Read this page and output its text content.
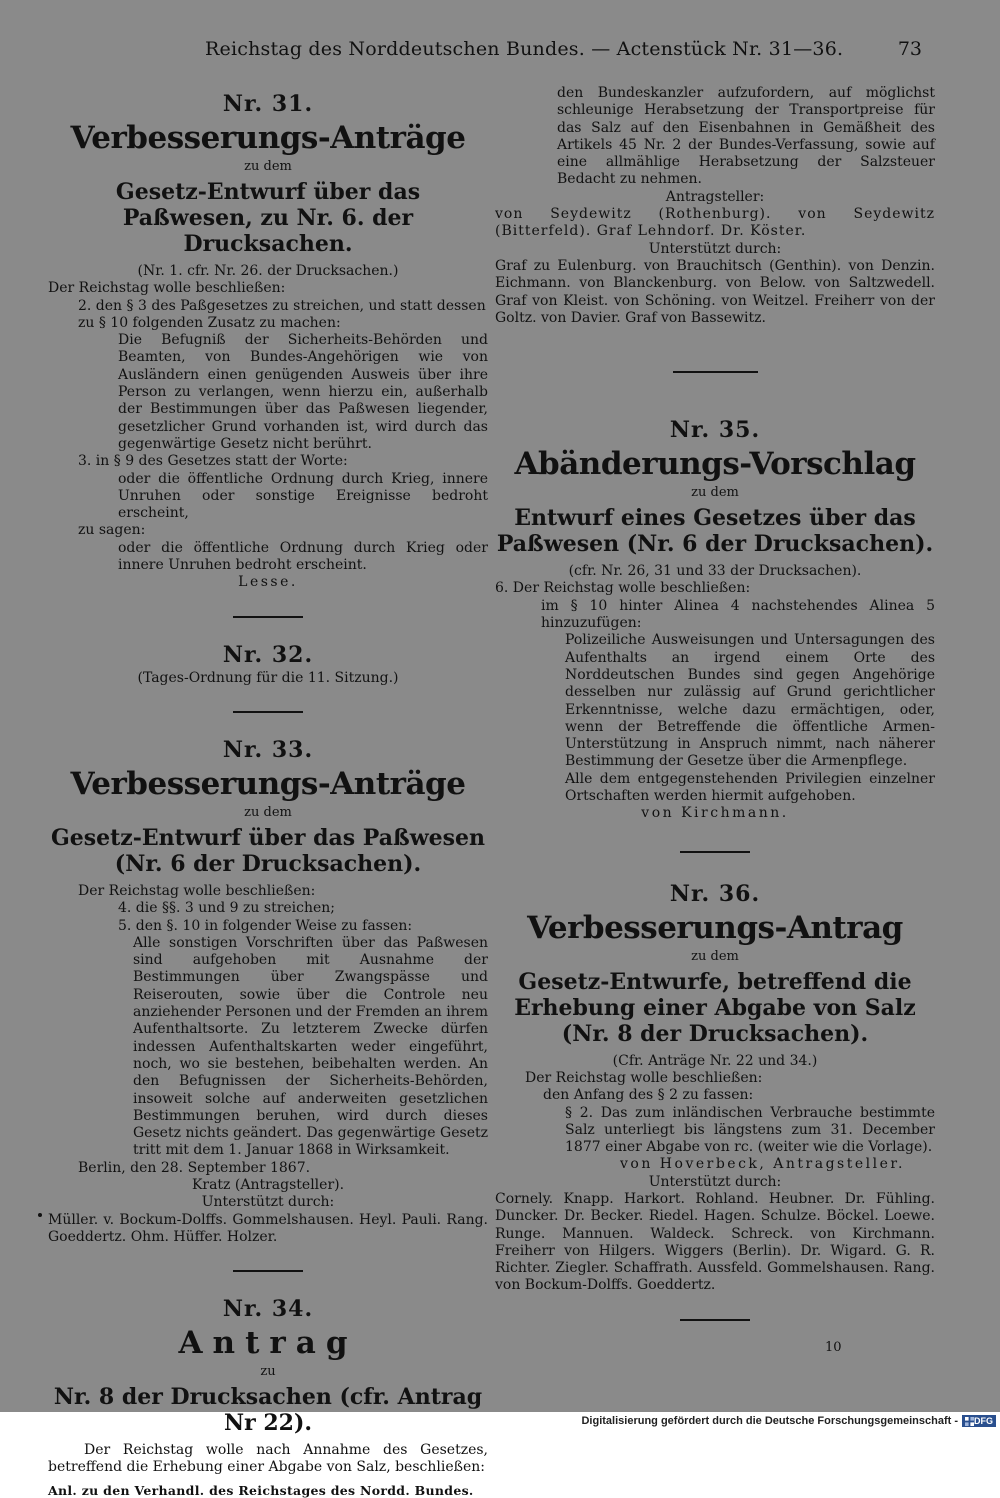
Reichstag des Norddeutschen Bundes. — Actenstück Nr. 31—36.	73
Nr. 31.
Verbesserungs-Anträge
zu dem
Gesetz-Entwurf über das Paßwesen, zu Nr. 6. der Drucksachen.

(Nr. 1. cfr. Nr. 26. der Drucksachen.)

Der Reichstag wolle beschließen:

2. den § 3 des Paßgesetzes zu streichen, und statt dessen

zu § 10 folgenden Zusatz zu machen:

Die Befugniß der Sicherheits-Behörden und Beamten, von Bundes-Angehörigen wie von Ausländern einen genügenden Ausweis über ihre Person zu verlangen, wenn hierzu ein, außerhalb der Bestimmungen über das Paßwesen liegender, gesetzlicher Grund vorhanden ist, wird durch das gegenwärtige Gesetz nicht berührt.

3. in § 9 des Gesetzes statt der Worte:

oder die öffentliche Ordnung durch Krieg, innere Unruhen oder sonstige Ereignisse bedroht erscheint,

zu sagen:

oder die öffentliche Ordnung durch Krieg oder innere Unruhen bedroht erscheint.

Lesse.

Nr. 32.
(Tages-Ordnung für die 11. Sitzung.)
Nr. 33.
Verbesserungs-Anträge
zu dem
Gesetz-Entwurf über das Paßwesen (Nr. 6 der Drucksachen).

Der Reichstag wolle beschließen:

4. die §§. 3 und 9 zu streichen;

5. den §. 10 in folgender Weise zu fassen:

Alle sonstigen Vorschriften über das Paßwesen sind aufgehoben mit Ausnahme der Bestimmungen über Zwangspässe und Reiserouten, sowie über die Controle neu anziehender Personen und der Fremden an ihrem Aufenthaltsorte. Zu letzterem Zwecke dürfen indessen Aufenthaltskarten weder eingeführt, noch, wo sie bestehen, beibehalten werden. An den Befugnissen der Sicherheits-Behörden, insoweit solche auf anderweiten gesetzlichen Bestimmungen beruhen, wird durch dieses Gesetz nichts geändert. Das gegenwärtige Gesetz tritt mit dem 1. Januar 1868 in Wirksamkeit.

Berlin, den 28. September 1867.

Kratz (Antragsteller).

Unterstützt durch:

Müller. v. Bockum-Dolffs. Gommelshausen. Heyl. Pauli. Rang. Goeddertz. Ohm. Hüffer. Holzer.

Nr. 34.
Antrag
zu
Nr. 8 der Drucksachen (cfr. Antrag Nr 22).

Der Reichstag wolle nach Annahme des Gesetzes, betreffend die Erhebung einer Abgabe von Salz, beschließen:

Anl. zu den Verhandl. des Reichstages des Nordd. Bundes.

den Bundeskanzler aufzufordern, auf möglichst schleunige Herabsetzung der Transportpreise für das Salz auf den Eisenbahnen in Gemäßheit des Artikels 45 Nr. 2 der Bundes-Verfassung, sowie auf eine allmählige Herabsetzung der Salzsteuer Bedacht zu nehmen.

Antragsteller:

von Seydewitz (Rothenburg). von Seydewitz (Bitterfeld). Graf Lehndorf. Dr. Köster.

Unterstützt durch:

Graf zu Eulenburg. von Brauchitsch (Genthin). von Denzin. Eichmann. von Blanckenburg. von Below. von Saltzwedell. Graf von Kleist. von Schöning. von Weitzel. Freiherr von der Goltz. von Davier. Graf von Bassewitz.

Nr. 35.
Abänderungs-Vorschlag
zu dem
Entwurf eines Gesetzes über das Paßwesen (Nr. 6 der Drucksachen).

(cfr. Nr. 26, 31 und 33 der Drucksachen).

6. Der Reichstag wolle beschließen:

im § 10 hinter Alinea 4 nachstehendes Alinea 5 hinzuzufügen:

Polizeiliche Ausweisungen und Untersagungen des Aufenthalts an irgend einem Orte des Norddeutschen Bundes sind gegen Angehörige desselben nur zulässig auf Grund gerichtlicher Erkenntnisse, welche dazu ermächtigen, oder, wenn der Betreffende die öffentliche Armen-Unterstützung in Anspruch nimmt, nach näherer Bestimmung der Gesetze über die Armenpflege.

Alle dem entgegenstehenden Privilegien einzelner Ortschaften werden hiermit aufgehoben.

von Kirchmann.

Nr. 36.
Verbesserungs-Antrag
zu dem
Gesetz-Entwurfe, betreffend die Erhebung einer Abgabe von Salz (Nr. 8 der Drucksachen).

(Cfr. Anträge Nr. 22 und 34.)

Der Reichstag wolle beschließen:

den Anfang des § 2 zu fassen:

§ 2. Das zum inländischen Verbrauche bestimmte Salz unterliegt bis längstens zum 31. December 1877 einer Abgabe von rc. (weiter wie die Vorlage).

von Hoverbeck, Antragsteller.

Unterstützt durch:

Cornely. Knapp. Harkort. Rohland. Heubner. Dr. Fühling. Duncker. Dr. Becker. Riedel. Hagen. Schulze. Böckel. Loewe. Runge. Mannuen. Waldeck. Schreck. von Kirchmann. Freiherr von Hilgers. Wiggers (Berlin). Dr. Wigard. G. R. Richter. Ziegler. Schaffrath. Aussfeld. Gommelshausen. Rang. von Bockum-Dolffs. Goeddertz.

10
Digitalisierung gefördert durch die Deutsche Forschungsgemeinschaft - DFG
